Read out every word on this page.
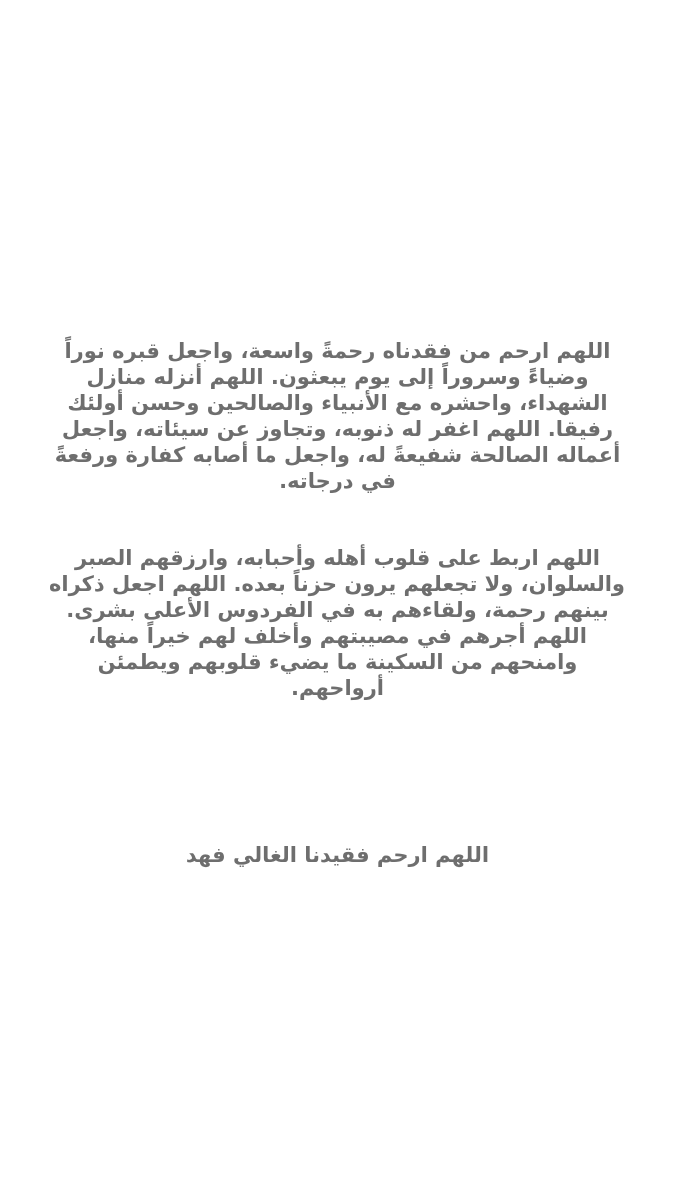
اللهم ارحم من فقدناه رحمةً واسعة، واجعل قبره نوراً
وضياءً وسروراً إلى يوم يبعثون. اللهم أنزله منازل
الشهداء، واحشره مع الأنبياء والصالحين وحسن أولئك
رفيقا. اللهم اغفر له ذنوبه، وتجاوز عن سيئاته، واجعل
أعماله الصالحة شفيعةً له، واجعل ما أصابه كفارة ورفعةً
في درجاته.

اللهم اربط على قلوب أهله وأحبابه، وارزقهم الصبر
والسلوان، ولا تجعلهم يرون حزناً بعده. اللهم اجعل ذكراه
بينهم رحمة، ولقاءهم به في الفردوس الأعلى بشرى.
اللهم أجرهم في مصيبتهم وأخلف لهم خيراً منها،
وامنحهم من السكينة ما يضيء قلوبهم ويطمئن
أرواحهم.

اللهم ارحم فقيدنا الغالي فهد
